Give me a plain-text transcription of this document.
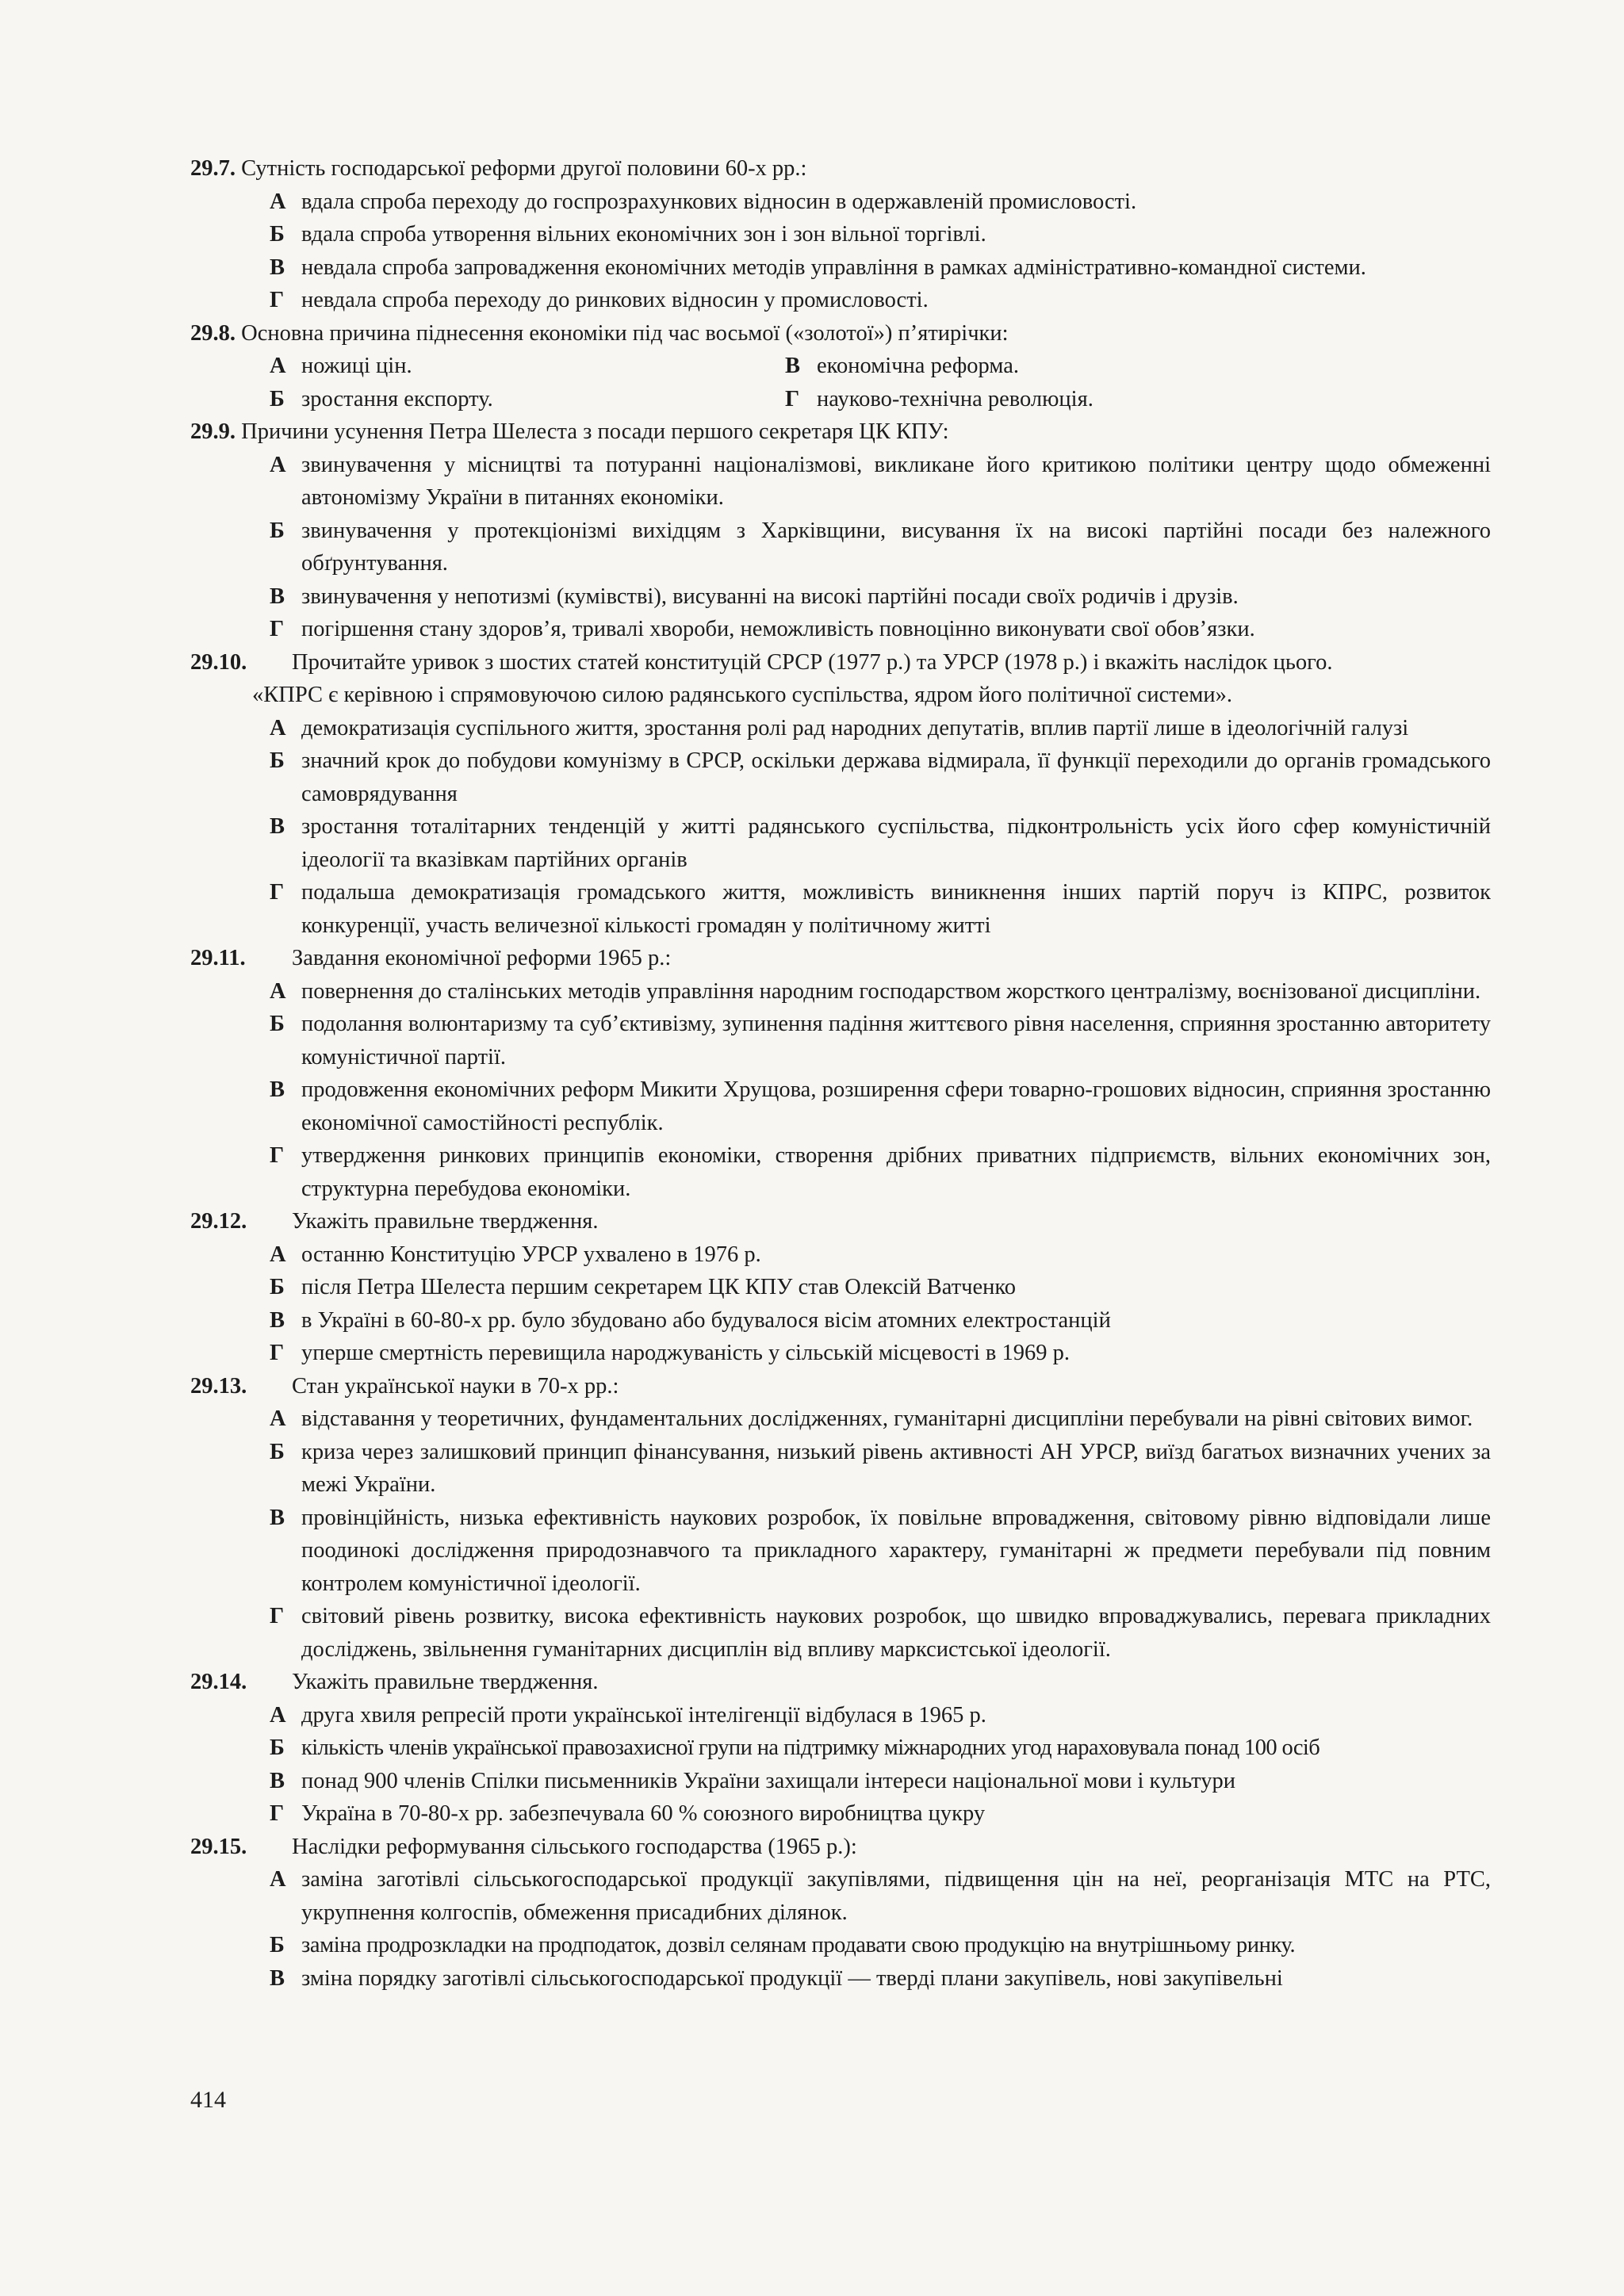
29.7.
Сутність господарської реформи другої половини 60-х рр.:
А вдала спроба переходу до госпрозрахункових відносин в одержавленій промисловості.
Б вдала спроба утворення вільних економічних зон і зон вільної торгівлі.
В невдала спроба запровадження економічних методів управління в рамках адміністративно-командної системи.
Г невдала спроба переходу до ринкових відносин у промисловості.
29.8.
Основна причина піднесення економіки під час восьмої («золотої») п’ятирічки:
А ножиці цін.	В економічна реформа.
Б зростання експорту.	Г науково-технічна революція.
29.9.
Причини усунення Петра Шелеста з посади першого секретаря ЦК КПУ:
А звинувачення у місництві та потуранні націоналізмові, викликане його критикою політики центру щодо обмеженні автономізму України в питаннях економіки.
Б звинувачення у протекціонізмі вихідцям з Харківщини, висування їх на високі партійні посади без належного обґрунтування.
В звинувачення у непотизмі (кумівстві), висуванні на високі партійні посади своїх родичів і друзів.
Г погіршення стану здоров’я, тривалі хвороби, неможливість повноцінно виконувати свої обов’язки.
29.10.	Прочитайте уривок з шостих статей конституцій СРСР (1977 р.) та УРСР (1978 р.) і вкажіть наслідок цього.
«КПРС є керівною і спрямовуючою силою радянського суспільства, ядром його політичної системи».
А демократизація суспільного життя, зростання ролі рад народних депутатів, вплив партії лише в ідеологічній галузі
Б значний крок до побудови комунізму в СРСР, оскільки держава відмирала, її функції переходили до органів громадського самоврядування
В зростання тоталітарних тенденцій у житті радянського суспільства, підконтрольність усіх його сфер комуністичній ідеології та вказівкам партійних органів
Г подальша демократизація громадського життя, можливість виникнення інших партій поруч із КПРС, розвиток конкуренції, участь величезної кількості громадян у політичному житті
29.11.	Завдання економічної реформи 1965 р.:
А повернення до сталінських методів управління народним господарством жорсткого централізму, воєнізованої дисципліни.
Б подолання волюнтаризму та суб’єктивізму, зупинення падіння життєвого рівня населення, сприяння зростанню авторитету комуністичної партії.
В продовження економічних реформ Микити Хрущова, розширення сфери товарно-грошових відносин, сприяння зростанню економічної самостійності республік.
Г утвердження ринкових принципів економіки, створення дрібних приватних підприємств, вільних економічних зон, структурна перебудова економіки.
29.12.	Укажіть правильне твердження.
А останню Конституцію УРСР ухвалено в 1976 р.
Б після Петра Шелеста першим секретарем ЦК КПУ став Олексій Ватченко
В в Україні в 60-80-х рр. було збудовано або будувалося вісім атомних електростанцій
Г уперше смертність перевищила народжуваність у сільській місцевості в 1969 р.
29.13.	Стан української науки в 70-х рр.:
А відставання у теоретичних, фундаментальних дослідженнях, гуманітарні дисципліни перебували на рівні світових вимог.
Б криза через залишковий принцип фінансування, низький рівень активності АН УРСР, виїзд багатьох визначних учених за межі України.
В провінційність, низька ефективність наукових розробок, їх повільне впровадження, світовому рівню відповідали лише поодинокі дослідження природознавчого та прикладного характеру, гуманітарні ж предмети перебували під повним контролем комуністичної ідеології.
Г світовий рівень розвитку, висока ефективність наукових розробок, що швидко впроваджувались, перевага прикладних досліджень, звільнення гуманітарних дисциплін від впливу марксистської ідеології.
29.14.	Укажіть правильне твердження.
А друга хвиля репресій проти української інтелігенції відбулася в 1965 р.
Б кількість членів української правозахисної групи на підтримку міжнародних угод нараховувала понад 100 осіб
В понад 900 членів Спілки письменників України захищали інтереси національної мови і культури
Г Україна в 70-80-х рр. забезпечувала 60 % союзного виробництва цукру
29.15.	Наслідки реформування сільського господарства (1965 р.):
А заміна заготівлі сільськогосподарської продукції закупівлями, підвищення цін на неї, реорганізація МТС на РТС, укрупнення колгоспів, обмеження присадибних ділянок.
Б заміна продрозкладки на продподаток, дозвіл селянам продавати свою продукцію на внутрішньому ринку.
В зміна порядку заготівлі сільськогосподарської продукції — тверді плани закупівель, нові закупівельні
414
